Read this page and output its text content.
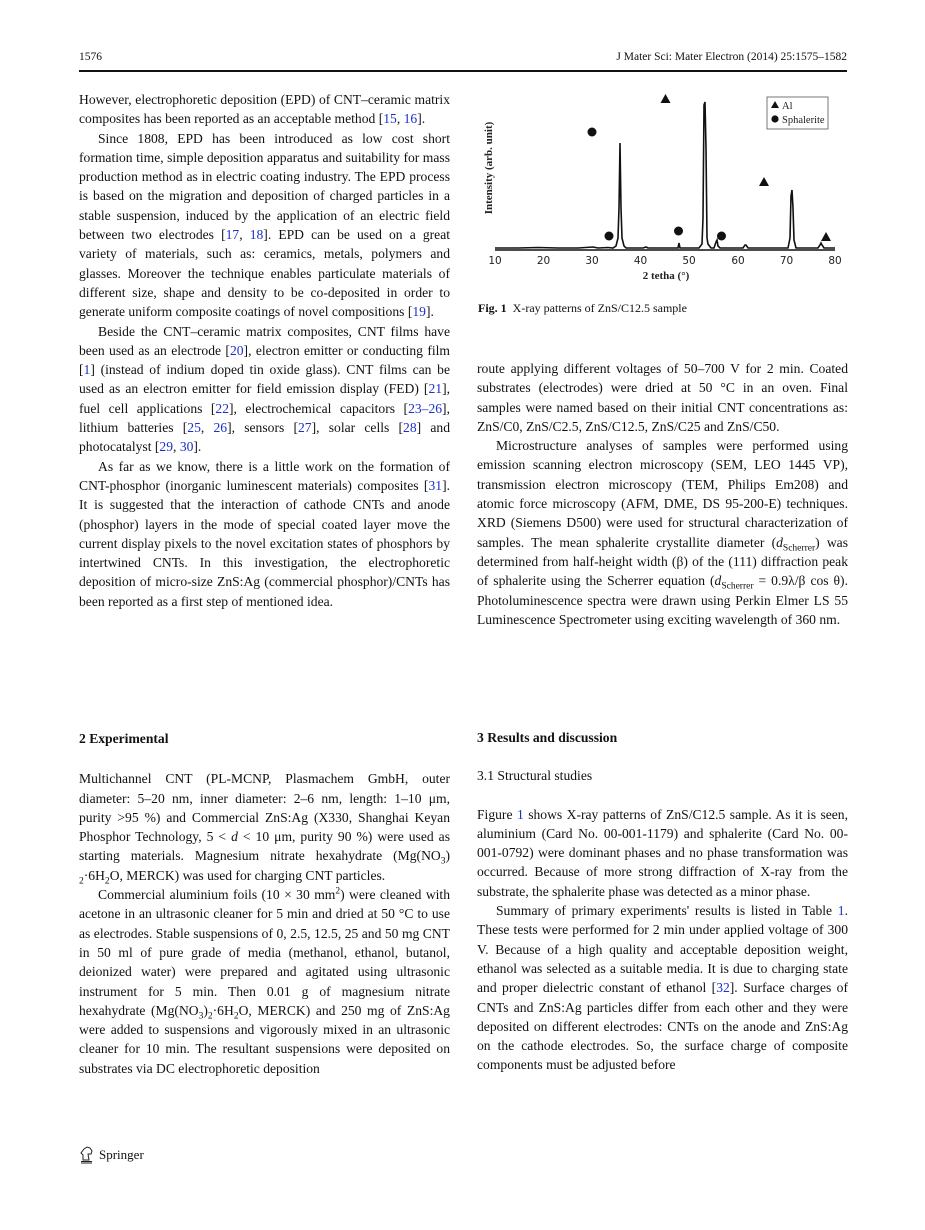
1576	J Mater Sci: Mater Electron (2014) 25:1575–1582

However, electrophoretic deposition (EPD) of CNT–ceramic matrix composites has been reported as an acceptable method [15, 16].

Since 1808, EPD has been introduced as low cost short formation time, simple deposition apparatus and suitability for mass production method as in electric coating industry. The EPD process is based on the migration and deposition of charged particles in a stable suspension, induced by the application of an electric field between two electrodes [17, 18]. EPD can be used on a great variety of materials, such as: ceramics, metals, polymers and glasses. Moreover the technique enables particulate materials of different size, shape and density to be co-deposited in order to generate uniform composite coatings of novel compositions [19].

Beside the CNT–ceramic matrix composites, CNT films have been used as an electrode [20], electron emitter or conducting film [1] (instead of indium doped tin oxide glass). CNT films can be used as an electron emitter for field emission display (FED) [21], fuel cell applications [22], electrochemical capacitors [23–26], lithium batteries [25, 26], sensors [27], solar cells [28] and photocatalyst [29, 30].

As far as we know, there is a little work on the formation of CNT-phosphor (inorganic luminescent materials) composites [31]. It is suggested that the interaction of cathode CNTs and anode (phosphor) layers in the mode of special coated layer move the current display pixels to the novel excitation states of phosphors by intertwined CNTs. In this investigation, the electrophoretic deposition of micro-size ZnS:Ag (commercial phosphor)/CNTs has been reported as a first step of mentioned idea.

2 Experimental

Multichannel CNT (PL-MCNP, Plasmachem GmbH, outer diameter: 5–20 nm, inner diameter: 2–6 nm, length: 1–10 μm, purity >95 %) and Commercial ZnS:Ag (X330, Shanghai Keyan Phosphor Technology, 5 < d < 10 μm, purity 90 %) were used as starting materials. Magnesium nitrate hexahydrate ($Mg(NO_3)$ $_2\cdot 6H_2O$, MERCK) was used for charging CNT particles.

Commercial aluminium foils (10 × 30 $mm^2$) were cleaned with acetone in an ultrasonic cleaner for 5 min and dried at 50 °C to use as electrodes. Stable suspensions of 0, 2.5, 12.5, 25 and 50 mg CNT in 50 ml of pure grade of media (methanol, ethanol, butanol, deionized water) were prepared and agitated using ultrasonic instrument for 5 min. Then 0.01 g of magnesium nitrate hexahydrate ($Mg(NO_3)_2\cdot 6H_2O$, MERCK) and 250 mg of ZnS:Ag were added to suspensions and vigorously mixed in an ultrasonic cleaner for 10 min. The resultant suspensions were deposited on substrates via DC electrophoretic deposition

Intensity (arb. unit)
10	20	30	40	50	60	70	80
2 tetha (°)
Al
Sphalerite
Fig. 1 X-ray patterns of ZnS/C12.5 sample

route applying different voltages of 50–700 V for 2 min. Coated substrates (electrodes) were dried at 50 °C in an oven. Final samples were named based on their initial CNT concentrations as: ZnS/C0, ZnS/C2.5, ZnS/C12.5, ZnS/C25 and ZnS/C50.

Microstructure analyses of samples were performed using emission scanning electron microscopy (SEM, LEO 1445 VP), transmission electron microscopy (TEM, Philips Em208) and atomic force microscopy (AFM, DME, DS 95-200-E) techniques. XRD (Siemens D500) were used for structural characterization of samples. The mean sphalerite crystallite diameter $(d_{Scherrer})$ was determined from half-height width (β) of the (111) diffraction peak of sphalerite using the Scherrer equation ($d_{Scherrer} = 0.9\lambda/\beta$ cos θ). Photoluminescence spectra were drawn using Perkin Elmer LS 55 Luminescence Spectrometer using exciting wavelength of 360 nm.

3 Results and discussion
3.1 Structural studies

Figure 1 shows X-ray patterns of ZnS/C12.5 sample. As it is seen, aluminium (Card No. 00-001-1179) and sphalerite (Card No. 00-001-0792) were dominant phases and no phase transformation was occurred. Because of more strong diffraction of X-ray from the substrate, the sphalerite phase was detected as a minor phase.

Summary of primary experiments' results is listed in Table 1. These tests were performed for 2 min under applied voltage of 300 V. Because of a high quality and acceptable deposition weight, ethanol was selected as a suitable media. It is due to charging state and proper dielectric constant of ethanol [32]. Surface charges of CNTs and ZnS:Ag particles differ from each other and they were deposited on different electrodes: CNTs on the anode and ZnS:Ag on the cathode electrodes. So, the surface charge of composite components must be adjusted before

Springer
